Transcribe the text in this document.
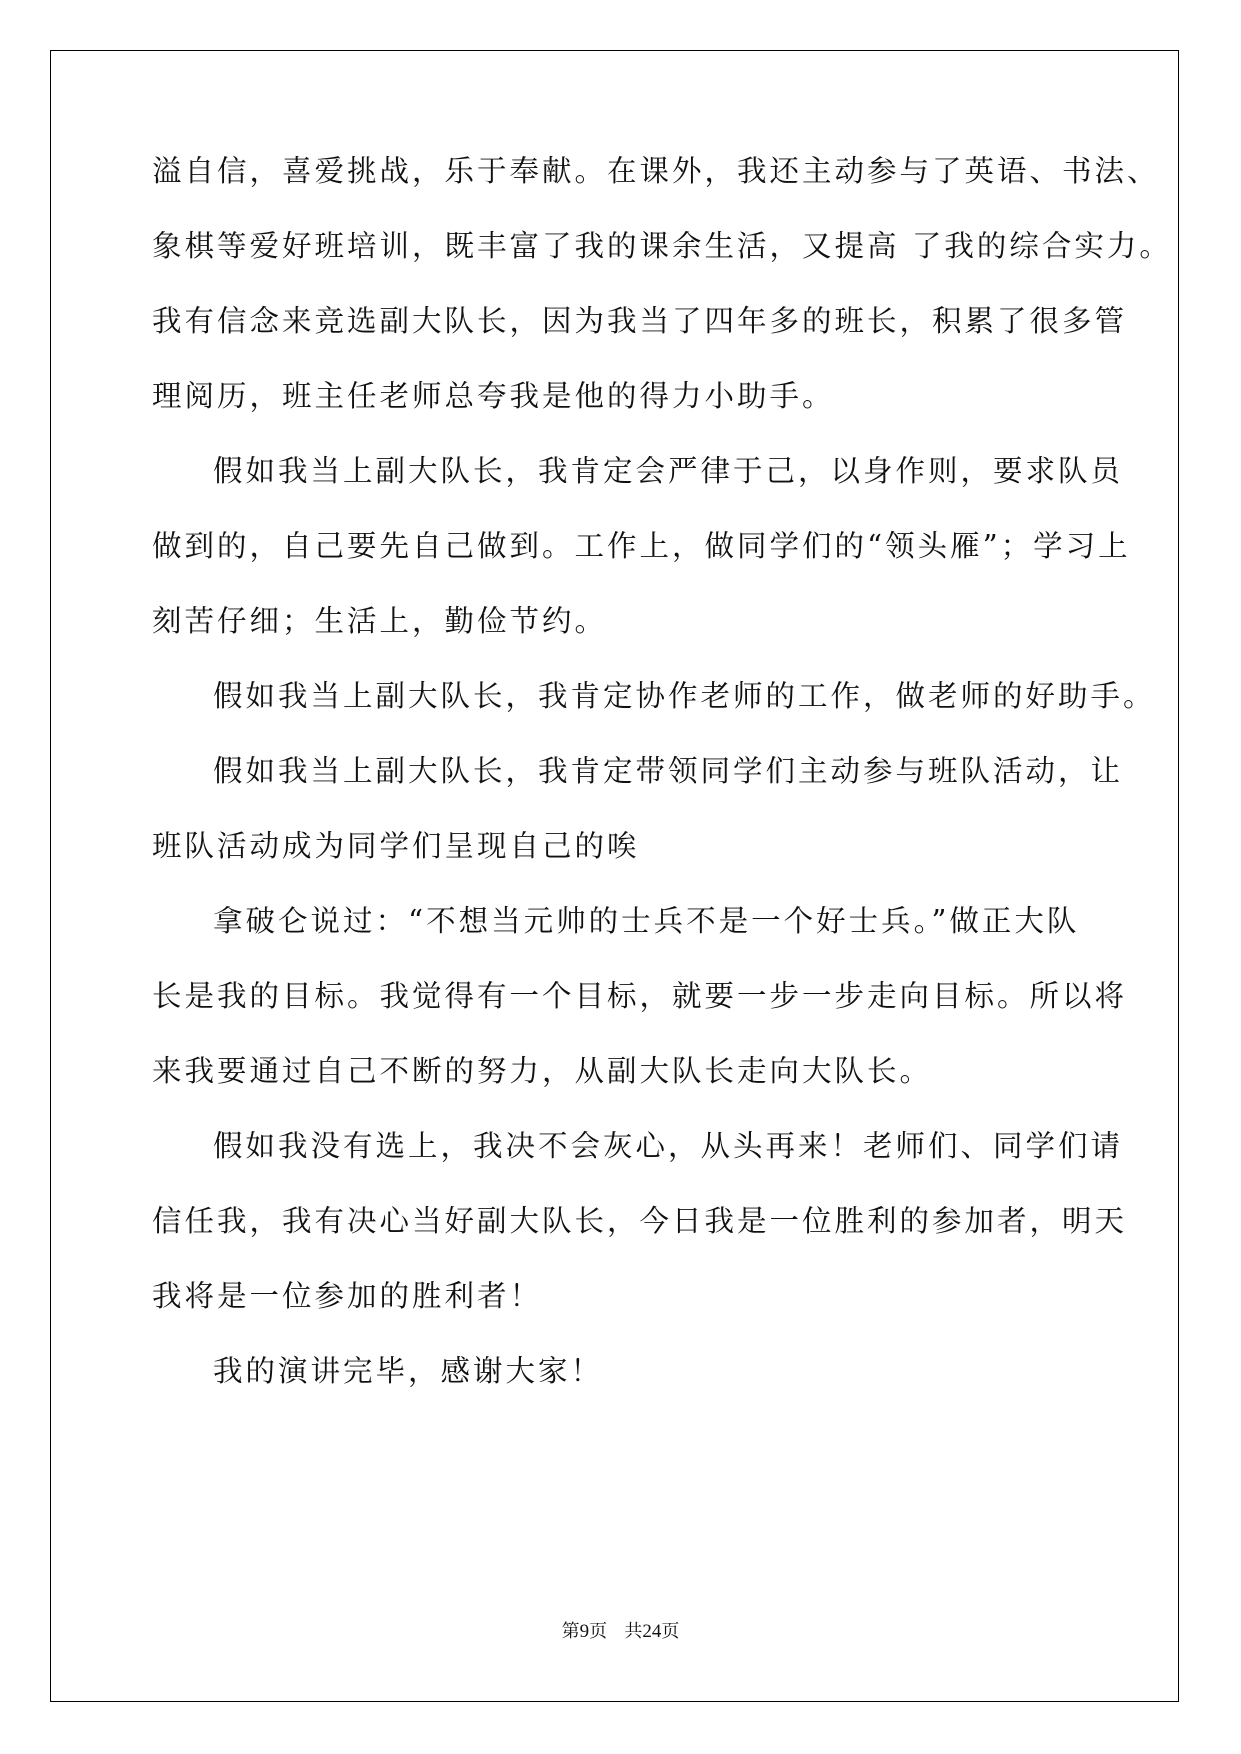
溢自信，喜爱挑战，乐于奉献。在课外，我还主动参与了英语、书法、
象棋等爱好班培训，既丰富了我的课余生活，又提高 了我的综合实力。
我有信念来竞选副大队长，因为我当了四年多的班长，积累了很多管
理阅历，班主任老师总夸我是他的得力小助手。
假如我当上副大队长，我肯定会严律于己，以身作则，要求队员
做到的，自己要先自己做到。工作上，做同学们的“领头雁”；学习上
刻苦仔细；生活上，勤俭节约。
假如我当上副大队长，我肯定协作老师的工作，做老师的好助手。
假如我当上副大队长，我肯定带领同学们主动参与班队活动，让
班队活动成为同学们呈现自己的唉
拿破仑说过：“不想当元帅的士兵不是一个好士兵。”做正大队
长是我的目标。我觉得有一个目标，就要一步一步走向目标。所以将
来我要通过自己不断的努力，从副大队长走向大队长。
假如我没有选上，我决不会灰心，从头再来！老师们、同学们请
信任我，我有决心当好副大队长，今日我是一位胜利的参加者，明天
我将是一位参加的胜利者！
我的演讲完毕，感谢大家！
第9页 共24页
